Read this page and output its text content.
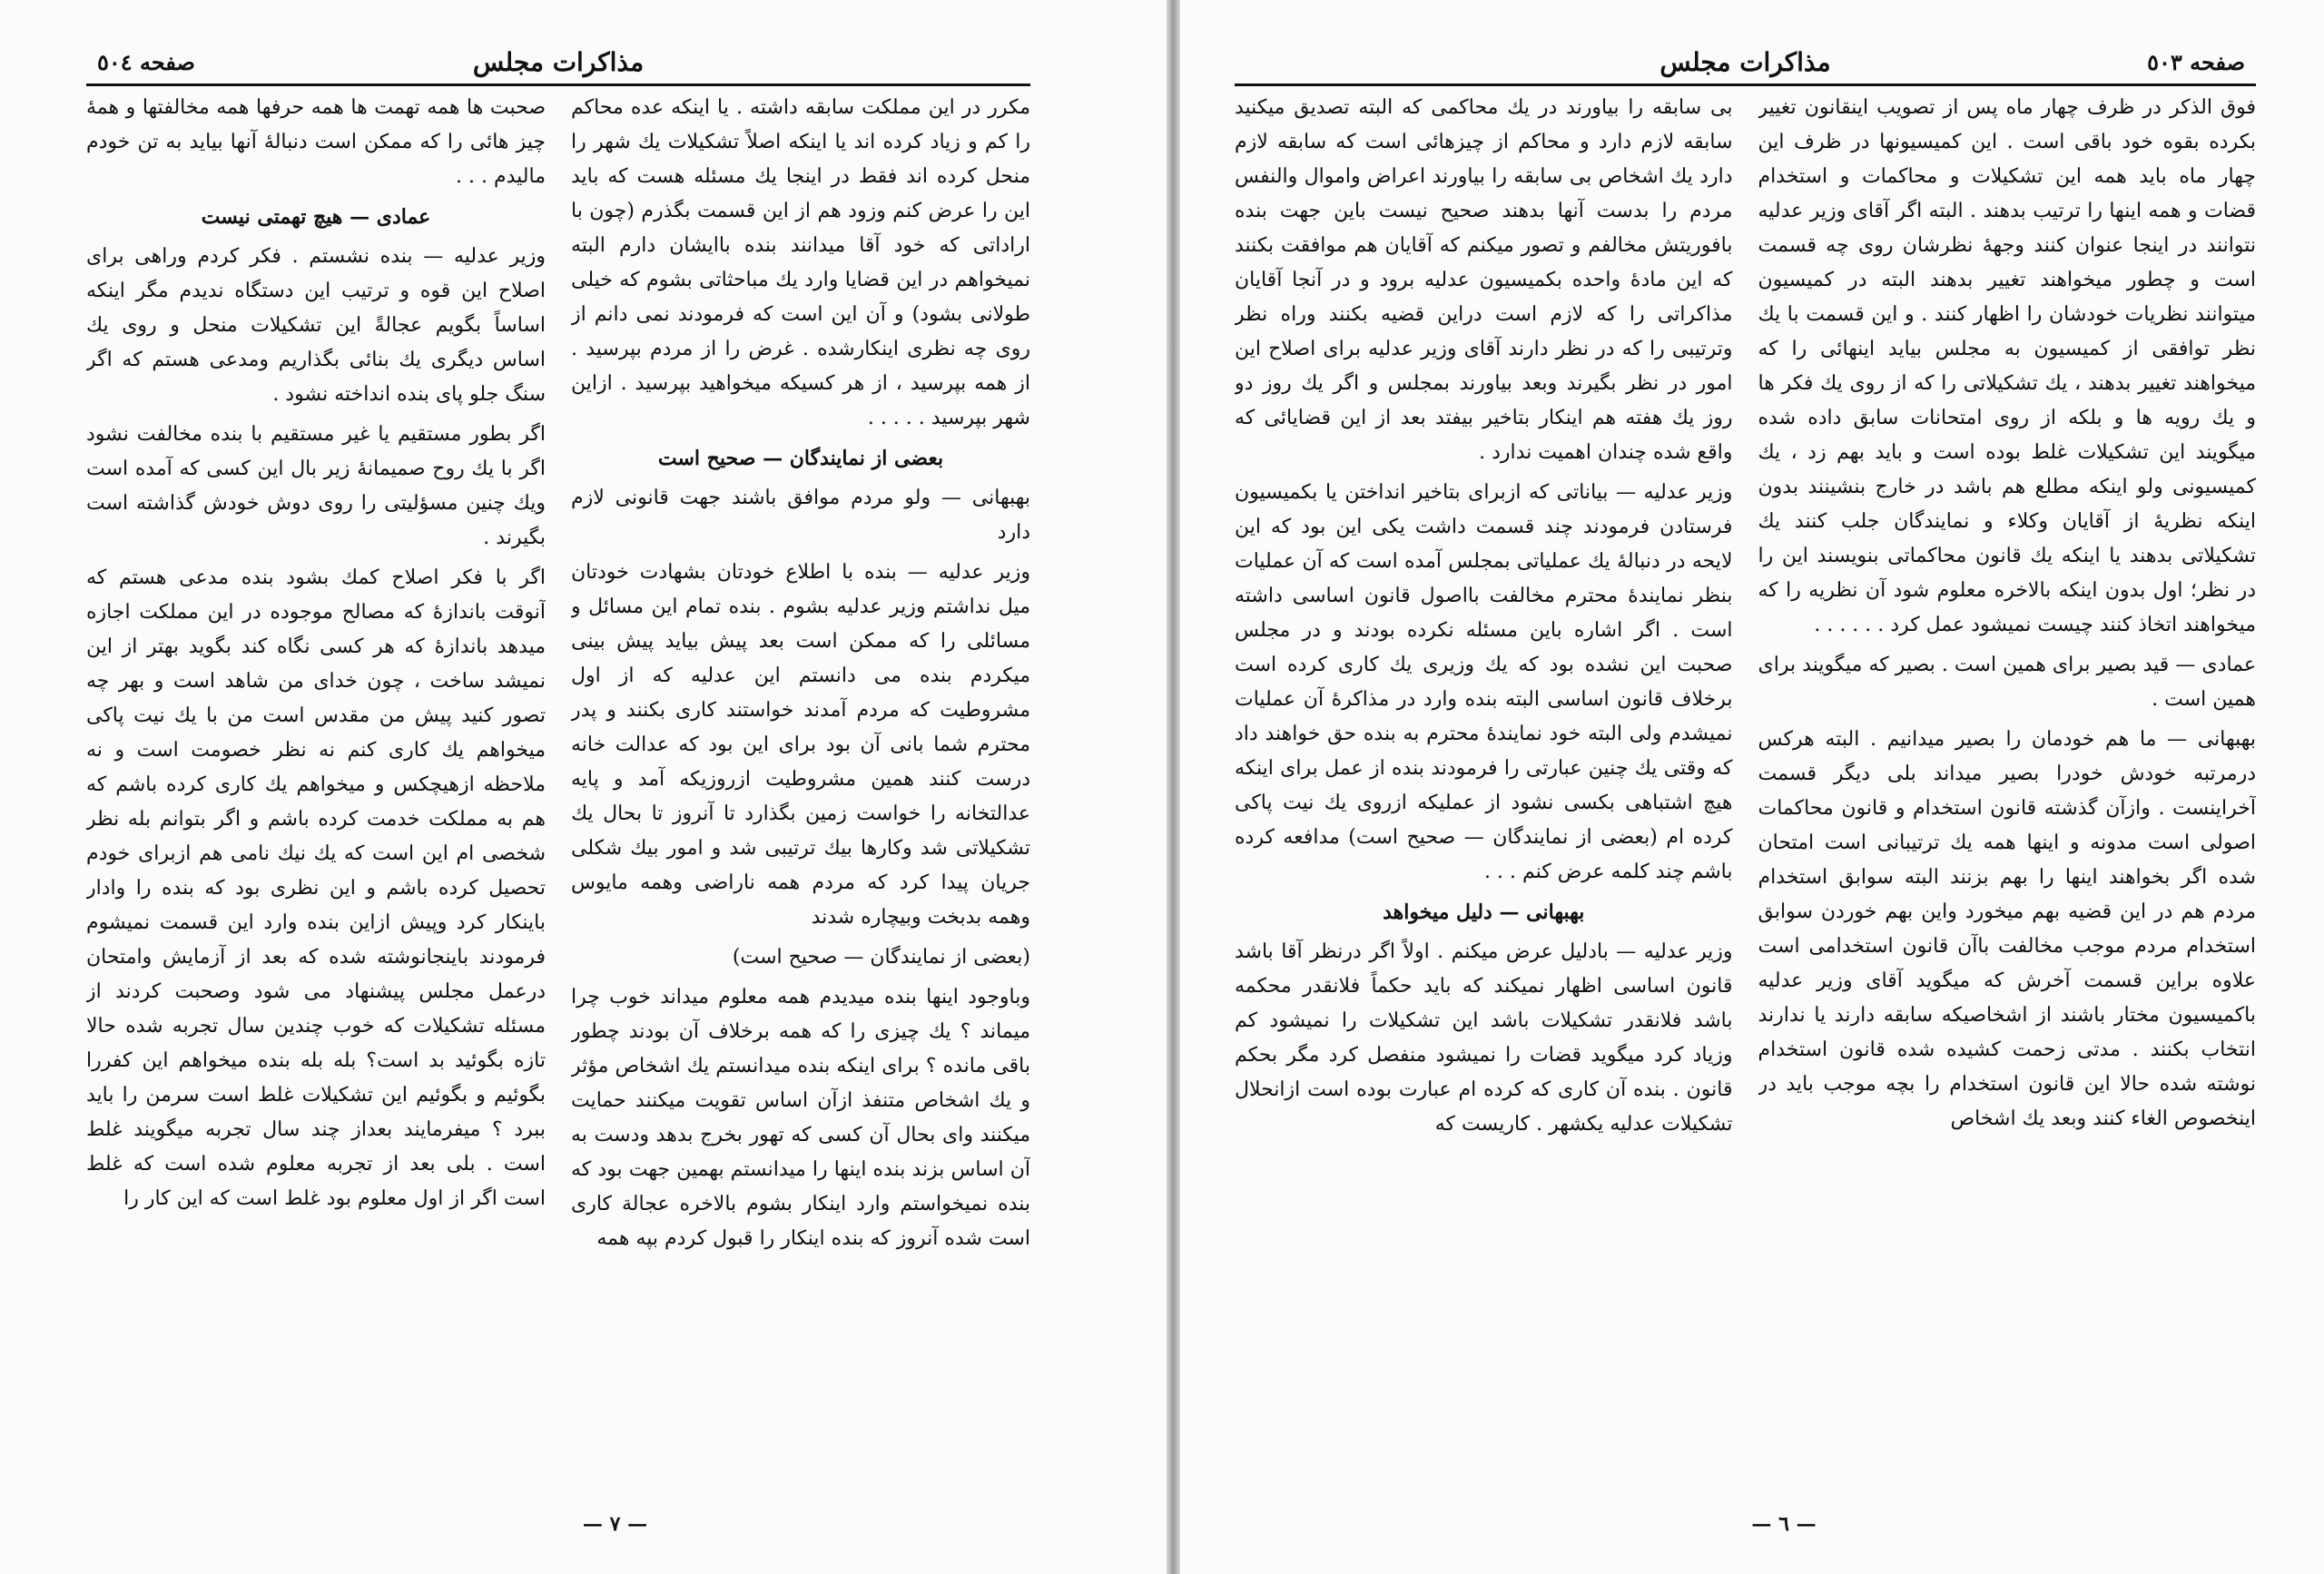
مذاکرات مجلس
صفحه ٥٠٤

مکرر در این مملکت سابقه داشته . یا اینکه عده محاکم را کم و زیاد کرده اند یا اینکه اصلاً تشکیلات یك شهر را منحل کرده اند فقط در اینجا یك مسئله هست که باید این را عرض کنم وزود هم از این قسمت بگذرم (چون با اراداتی که خود آقا میدانند بنده باایشان دارم البته نمیخواهم در این قضایا وارد یك مباحثاتی بشوم که خیلی طولانی بشود) و آن این است که فرمودند نمی دانم از روی چه نظری اینکارشده . غرض را از مردم بپرسید . از همه بپرسید ، از هر کسیکه میخواهید بپرسید . ازاین شهر بپرسید . . . . .

بعضی از نمایندگان — صحیح است

بهبهانی — ولو مردم موافق باشند جهت قانونی لازم دارد

وزیر عدلیه — بنده با اطلاع خودتان بشهادت خودتان میل نداشتم وزیر عدلیه بشوم . بنده تمام این مسائل و مسائلی را که ممکن است بعد پیش بیاید پیش بینی میکردم بنده می دانستم این عدلیه که از اول مشروطیت که مردم آمدند خواستند کاری بکنند و پدر محترم شما بانی آن بود برای این بود که عدالت خانه درست کنند همین مشروطیت ازروزیکه آمد و پایه عدالتخانه را خواست زمین بگذارد تا آنروز تا بحال یك تشکیلاتی شد وکارها بیك ترتیبی شد و امور بیك شکلی جریان پیدا کرد که مردم همه ناراضی وهمه مایوس وهمه بدبخت وبیچاره شدند

(بعضی از نمایندگان — صحیح است)

وباوجود اینها بنده میدیدم همه معلوم میداند خوب چرا میماند ؟ یك چیزی را که همه برخلاف آن بودند چطور باقی مانده ؟ برای اینکه بنده میدانستم یك اشخاص مؤثر و یك اشخاص متنفذ ازآن اساس تقویت میکنند حمایت میکنند وای بحال آن کسی که تهور بخرج بدهد ودست به آن اساس بزند بنده اینها را میدانستم بهمین جهت بود که بنده نمیخواستم وارد اینکار بشوم بالاخره عجالة کاری است شده آنروز که بنده اینکار را قبول کردم بپه همه

صحبت ها همه تهمت ها همه حرفها همه مخالفتها و همهٔ چیز هائی را که ممکن است دنبالهٔ آنها بیاید به تن خودم مالیدم . . .

عمادی — هیچ تهمتی نیست

وزیر عدلیه — بنده نشستم . فکر کردم وراهی برای اصلاح این قوه و ترتیب این دستگاه ندیدم مگر اینکه اساساً بگویم عجالةً این تشکیلات منحل و روی یك اساس دیگری یك بنائی بگذاریم ومدعی هستم که اگر سنگ جلو پای بنده انداخته نشود .

اگر بطور مستقیم یا غیر مستقیم با بنده مخالفت نشود اگر با یك روح صمیمانهٔ زیر بال این کسی که آمده است ویك چنین مسؤلیتی را روی دوش خودش گذاشته است بگیرند .

اگر با فکر اصلاح کمك بشود بنده مدعی هستم که آنوقت باندازهٔ که مصالح موجوده در این مملکت اجازه میدهد باندازهٔ که هر کسی نگاه کند بگوید بهتر از این نمیشد ساخت ، چون خدای من شاهد است و بهر چه تصور کنید پیش من مقدس است من با یك نیت پاکی میخواهم یك کاری کنم نه نظر خصومت است و نه ملاحظه ازهیچکس و میخواهم یك کاری کرده باشم که هم به مملکت خدمت کرده باشم و اگر بتوانم بله نظر شخصی ام این است که یك نیك نامی هم ازبرای خودم تحصیل کرده باشم و این نظری بود که بنده را وادار باینکار کرد وپیش ازاین بنده وارد این قسمت نمیشوم فرمودند باینجانوشته شده که بعد از آزمایش وامتحان درعمل مجلس پیشنهاد می شود وصحبت کردند از مسئله تشکیلات که خوب چندین سال تجربه شده حالا تازه بگوئید بد است؟ بله بله بنده میخواهم این کفررا بگوئیم و بگوئیم این تشکیلات غلط است سرمن را باید ببرد ؟ میفرمایند بعداز چند سال تجربه میگویند غلط است . بلی بعد از تجربه معلوم شده است که غلط است اگر از اول معلوم بود غلط است که این کار را

— ٧ —
مذاکرات مجلس	صفحه ٥٠٣

فوق الذکر در ظرف چهار ماه پس از تصویب اینقانون تغییر بکرده بقوه خود باقی است . این کمیسیونها در ظرف این چهار ماه باید همه این تشکیلات و محاکمات و استخدام قضات و همه اینها را ترتیب بدهند . البته اگر آقای وزیر عدلیه نتوانند در اینجا عنوان کنند وجههٔ نظرشان روی چه قسمت است و چطور میخواهند تغییر بدهند البته در کمیسیون میتوانند نظریات خودشان را اظهار کنند . و این قسمت با یك نظر توافقی از کمیسیون به مجلس بیاید اینهائی را که میخواهند تغییر بدهند ، یك تشکیلاتی را که از روی یك فکر ها و یك رویه ها و بلکه از روی امتحانات سابق داده شده میگویند این تشکیلات غلط بوده است و باید بهم زد ، یك کمیسیونی ولو اینکه مطلع هم باشد در خارج بنشینند بدون اینکه نظریهٔ از آقایان وکلاء و نمایندگان جلب کنند یك تشکیلاتی بدهند یا اینکه یك قانون محاکماتی بنویسند این را در نظر؛ اول بدون اینکه بالاخره معلوم شود آن نظریه را که میخواهند اتخاذ کنند چیست نمیشود عمل کرد . . . . . .

عمادی — قید بصیر برای همین است . بصیر که میگویند برای همین است .

بهبهانی — ما هم خودمان را بصیر میدانیم . البته هرکس درمرتبه خودش خودرا بصیر میداند بلی دیگر قسمت آخراینست . وازآن گذشته قانون استخدام و قانون محاکمات اصولی است مدونه و اینها همه یك ترتیبانی است امتحان شده اگر بخواهند اینها را بهم بزنند البته سوابق استخدام مردم هم در این قضیه بهم میخورد واین بهم خوردن سوابق استخدام مردم موجب مخالفت باآن قانون استخدامی است علاوه براین قسمت آخرش که میگوید آقای وزیر عدلیه باکمیسیون مختار باشند از اشخاصیکه سابقه دارند یا ندارند انتخاب بکنند . مدتی زحمت کشیده شده قانون استخدام نوشته شده حالا این قانون استخدام را بچه موجب باید در اینخصوص الغاء کنند وبعد یك اشخاص

بی سابقه را بیاورند در یك محاکمی که البته تصدیق میکنید سابقه لازم دارد و محاکم از چیزهائی است که سابقه لازم دارد یك اشخاص بی سابقه را بیاورند اعراض واموال والنفس مردم را بدست آنها بدهند صحیح نیست باین جهت بنده بافوریتش مخالفم و تصور میکنم که آقایان هم موافقت بکنند که این مادهٔ واحده بکمیسیون عدلیه برود و در آنجا آقایان مذاکراتی را که لازم است دراین قضیه بکنند وراه نظر وترتیبی را که در نظر دارند آقای وزیر عدلیه برای اصلاح این امور در نظر بگیرند وبعد بیاورند بمجلس و اگر یك روز دو روز یك هفته هم اینکار بتاخیر بیفتد بعد از این قضایائی که واقع شده چندان اهمیت ندارد .

وزیر عدلیه — بیاناتی که ازبرای بتاخیر انداختن یا بکمیسیون فرستادن فرمودند چند قسمت داشت یکی این بود که این لایحه در دنبالهٔ یك عملیاتی بمجلس آمده است که آن عملیات بنظر نمایندهٔ محترم مخالفت بااصول قانون اساسی داشته است . اگر اشاره باین مسئله نکرده بودند و در مجلس صحبت این نشده بود که یك وزیری یك کاری کرده است برخلاف قانون اساسی البته بنده وارد در مذاکرهٔ آن عملیات نمیشدم ولی البته خود نمایندهٔ محترم به بنده حق خواهند داد که وقتی یك چنین عبارتی را فرمودند بنده از عمل برای اینکه هیچ اشتباهی بکسی نشود از عملیکه ازروی یك نیت پاکی کرده ام (بعضی از نمایندگان — صحیح است) مدافعه کرده باشم چند کلمه عرض کنم . . .

بهبهانی — دلیل میخواهد

وزیر عدلیه — بادلیل عرض میکنم . اولاً اگر درنظر آقا باشد قانون اساسی اظهار نمیکند که باید حکماً فلانقدر محکمه باشد فلانقدر تشکیلات باشد این تشکیلات را نمیشود کم وزیاد کرد میگوید قضات را نمیشود منفصل کرد مگر بحکم قانون . بنده آن کاری که کرده ام عبارت بوده است ازانحلال تشکیلات عدلیه یکشهر . کاریست که

— ٦ —
